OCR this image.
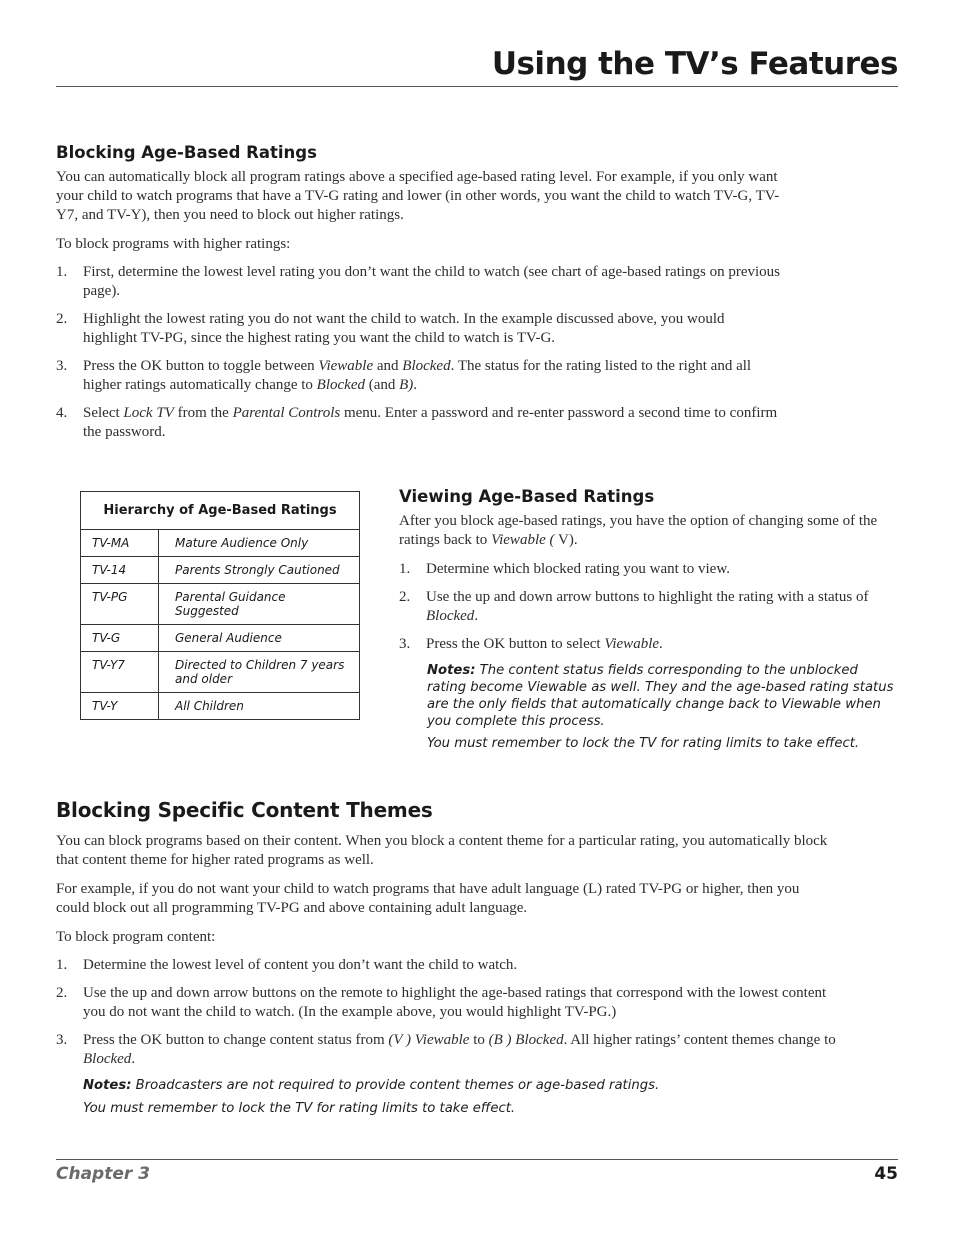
Using the TV’s Features
Blocking Age-Based Ratings

You can automatically block all program ratings above a specified age-based rating level. For example, if you only want your child to watch programs that have a TV-G rating and lower (in other words, you want the child to watch TV-G, TV-Y7, and TV-Y), then you need to block out higher ratings.

To block programs with higher ratings:

1.	First, determine the lowest level rating you don’t want the child to watch (see chart of age-based ratings on previous page).
2.	Highlight the lowest rating you do not want the child to watch. In the example discussed above, you would highlight TV-PG, since the highest rating you want the child to watch is TV-G.
3.	Press the OK button to toggle between Viewable and Blocked. The status for the rating listed to the right and all higher ratings automatically change to Blocked (and B).
4.	Select Lock TV from the Parental Controls menu. Enter a password and re-enter password a second time to confirm the password.
Hierarchy of Age-Based Ratings
TV-MA	Mature Audience Only
TV-14	Parents Strongly Cautioned
TV-PG	Parental Guidance Suggested
TV-G	General Audience
TV-Y7	Directed to Children 7 years and older
TV-Y	All Children
Viewing Age-Based Ratings

After you block age-based ratings, you have the option of changing some of the ratings back to Viewable ( V).

1.	Determine which blocked rating you want to view.
2.	Use the up and down arrow buttons to highlight the rating with a status of Blocked.
3.	Press the OK button to select Viewable.

Notes: The content status fields corresponding to the unblocked rating become Viewable as well. They and the age-based rating status are the only fields that automatically change back to Viewable when you complete this process.

You must remember to lock the TV for rating limits to take effect.

Blocking Specific Content Themes

You can block programs based on their content. When you block a content theme for a particular rating, you automatically block that content theme for higher rated programs as well.

For example, if you do not want your child to watch programs that have adult language (L) rated TV-PG or higher, then you could block out all programming TV-PG and above containing adult language.

To block program content:

1.	Determine the lowest level of content you don’t want the child to watch.
2.	Use the up and down arrow buttons on the remote to highlight the age-based ratings that correspond with the lowest content you do not want the child to watch. (In the example above, you would highlight TV-PG.)
3.	Press the OK button to change content status from (V ) Viewable to (B ) Blocked. All higher ratings’ content themes change to Blocked.

Notes: Broadcasters are not required to provide content themes or age-based ratings.

You must remember to lock the TV for rating limits to take effect.

Chapter 3	45
